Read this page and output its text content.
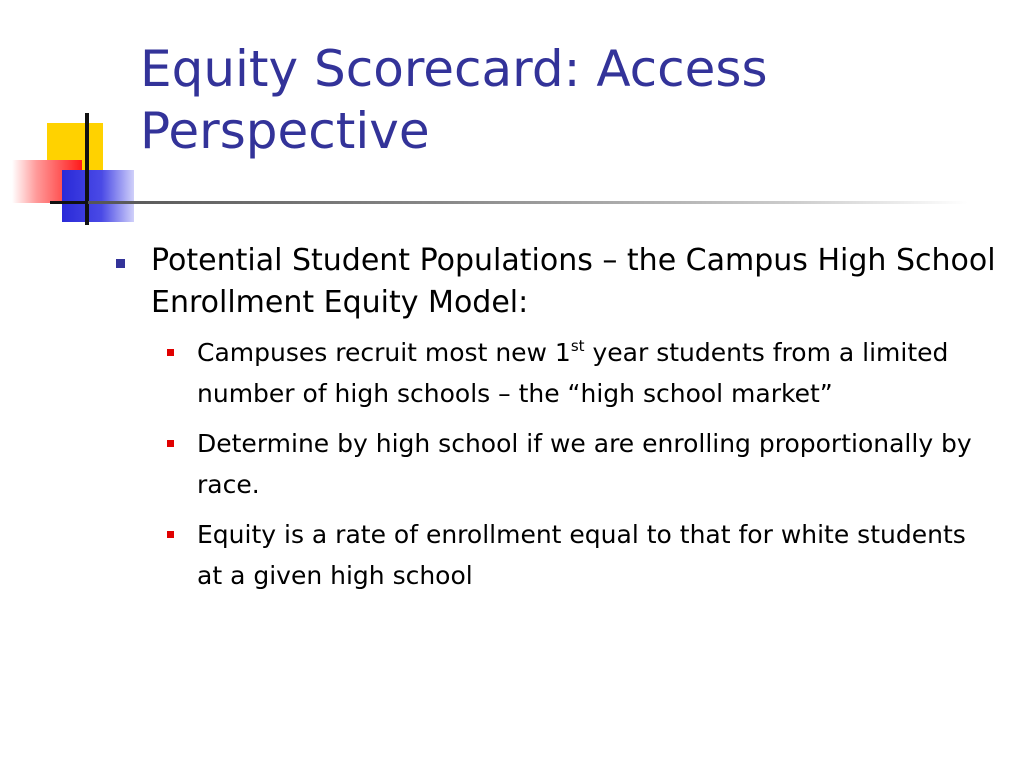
Equity Scorecard: Access
Perspective
Potential Student Populations – the Campus High School Enrollment Equity Model:
Campuses recruit most new 1st year students from a limited number of high schools – the “high school market”
Determine by high school if we are enrolling proportionally by race.
Equity is a rate of enrollment equal to that for white students at a given high school
